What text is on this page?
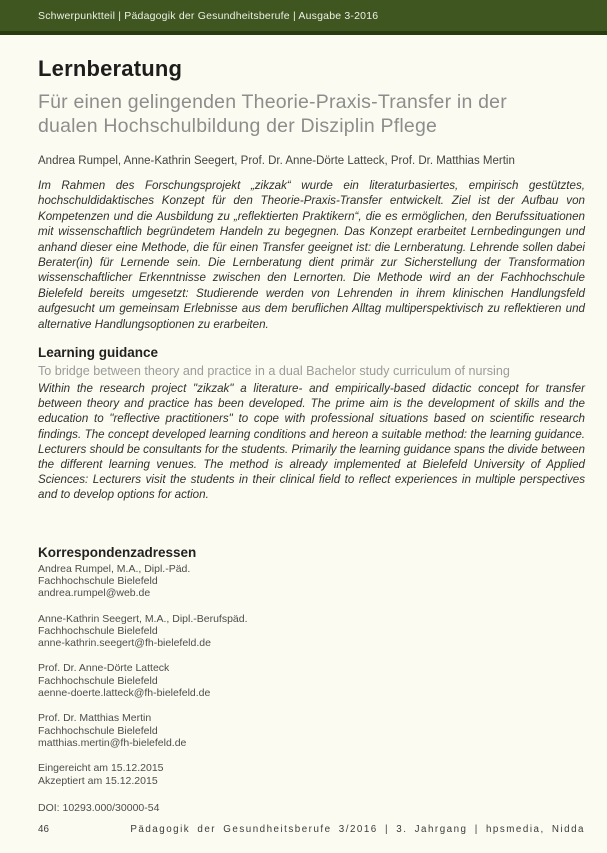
Schwerpunktteil | Pädagogik der Gesundheitsberufe | Ausgabe 3-2016
Lernberatung
Für einen gelingenden Theorie-Praxis-Transfer in der dualen Hochschulbildung der Disziplin Pflege

Andrea Rumpel, Anne-Kathrin Seegert, Prof. Dr. Anne-Dörte Latteck, Prof. Dr. Matthias Mertin

Im Rahmen des Forschungsprojekt „zikzak“ wurde ein literaturbasiertes, empirisch gestütztes, hochschuldidaktisches Konzept für den Theorie-Praxis-Transfer entwickelt. Ziel ist der Aufbau von Kompetenzen und die Ausbildung zu „reflektierten Praktikern“, die es ermöglichen, den Berufssituationen mit wissenschaftlich begründetem Handeln zu begegnen. Das Konzept erarbeitet Lernbedingungen und anhand dieser eine Methode, die für einen Transfer geeignet ist: die Lernberatung. Lehrende sollen dabei Berater(in) für Lernende sein. Die Lernberatung dient primär zur Sicherstellung der Transformation wissenschaftlicher Erkenntnisse zwischen den Lernorten. Die Methode wird an der Fachhochschule Bielefeld bereits umgesetzt: Studierende werden von Lehrenden in ihrem klinischen Handlungsfeld aufgesucht um gemeinsam Erlebnisse aus dem beruflichen Alltag multiperspektivisch zu reflektieren und alternative Handlungsoptionen zu erarbeiten.

Learning guidance

To bridge between theory and practice in a dual Bachelor study curriculum of nursing

Within the research project "zikzak" a literature- and empirically-based didactic concept for transfer between theory and practice has been developed. The prime aim is the development of skills and the education to "reflective practitioners" to cope with professional situations based on scientific research findings. The concept developed learning conditions and hereon a suitable method: the learning guidance. Lecturers should be consultants for the students. Primarily the learning guidance spans the divide between the different learning venues. The method is already implemented at Bielefeld University of Applied Sciences: Lecturers visit the students in their clinical field to reflect experiences in multiple perspectives and to develop options for action.

Korrespondenzadressen
Andrea Rumpel, M.A., Dipl.-Päd.
Fachhochschule Bielefeld
andrea.rumpel@web.de
Anne-Kathrin Seegert, M.A., Dipl.-Berufspäd.
Fachhochschule Bielefeld
anne-kathrin.seegert@fh-bielefeld.de
Prof. Dr. Anne-Dörte Latteck
Fachhochschule Bielefeld
aenne-doerte.latteck@fh-bielefeld.de
Prof. Dr. Matthias Mertin
Fachhochschule Bielefeld
matthias.mertin@fh-bielefeld.de
Eingereicht am 15.12.2015
Akzeptiert am 15.12.2015
DOI: 10293.000/30000-54
46	Pädagogik der Gesundheitsberufe 3/2016 | 3. Jahrgang | hpsmedia, Nidda
